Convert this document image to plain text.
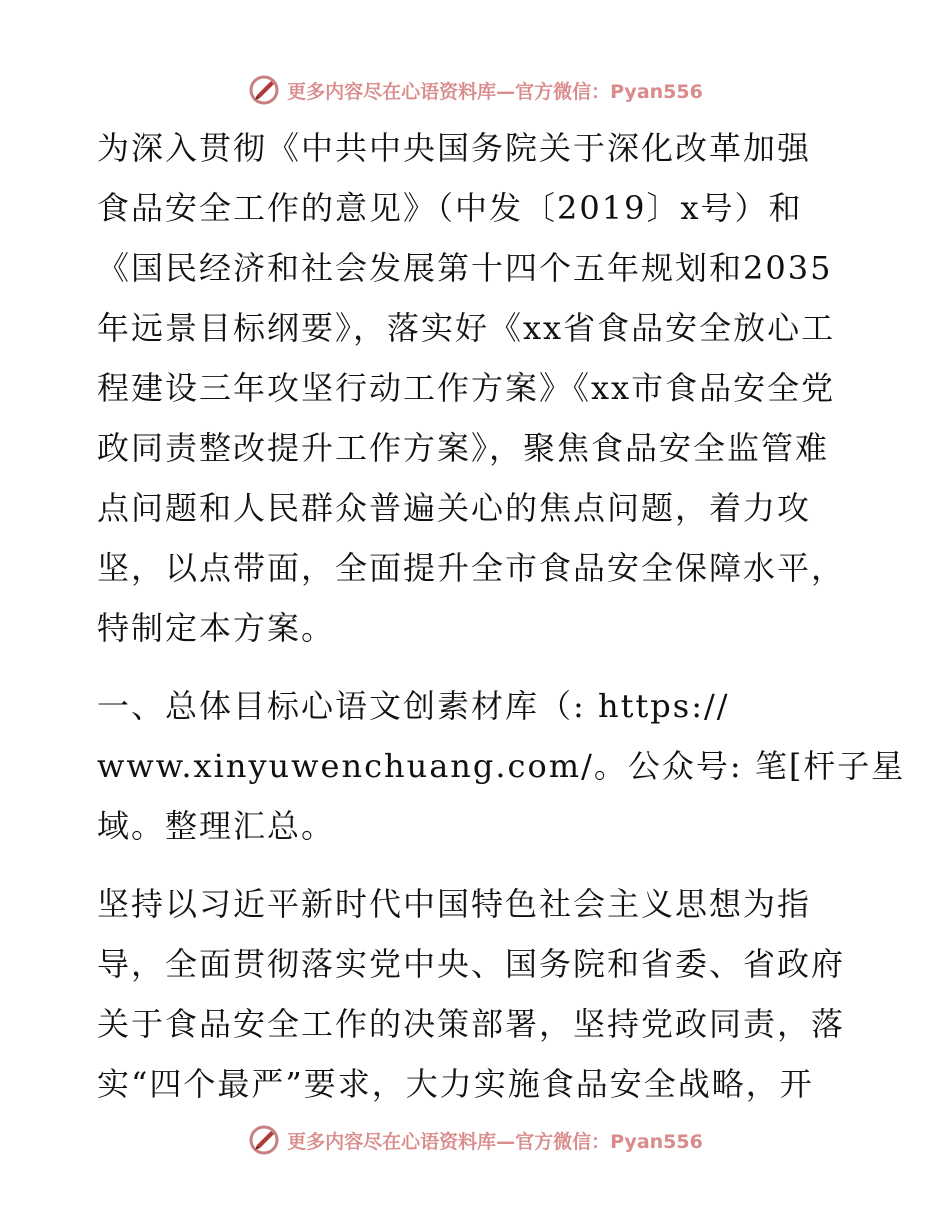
更多内容尽在心语资料库—官方微信：Pyan556

为深入贯彻《中共中央国务院关于深化改革加强
食品安全工作的意见》（中发〔2019〕x号）和
《国民经济和社会发展第十四个五年规划和2035
年远景目标纲要》，落实好《xx省食品安全放心工
程建设三年攻坚行动工作方案》《xx市食品安全党
政同责整改提升工作方案》，聚焦食品安全监管难
点问题和人民群众普遍关心的焦点问题，着力攻
坚，以点带面，全面提升全市食品安全保障水平，
特制定本方案。

一、总体目标心语文创素材库（: https://
www.xinyuwenchuang.com/。公众号: 笔[杆子星
域。整理汇总。

坚持以习近平新时代中国特色社会主义思想为指
导，全面贯彻落实党中央、国务院和省委、省政府
关于食品安全工作的决策部署，坚持党政同责，落
实“四个最严”要求，大力实施食品安全战略，开

更多内容尽在心语资料库—官方微信：Pyan556
